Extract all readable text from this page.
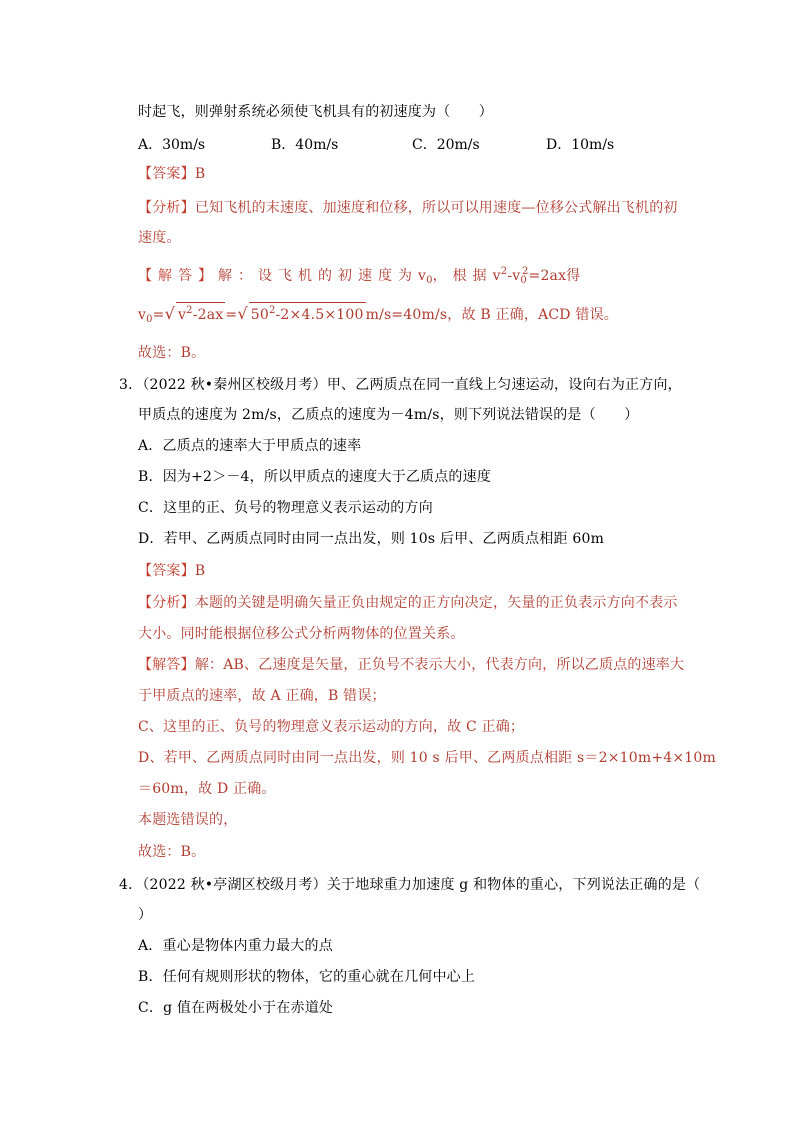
时起飞，则弹射系统必须使飞机具有的初速度为（　　）
A．30m/s	B．40m/s	C．20m/s	D．10m/s
【答案】B
【分析】已知飞机的末速度、加速度和位移，所以可以用速度—位移公式解出飞机的初
速度。
【解答】解：设飞机的初速度为$v_0$，根据$v^2-v_0^2=2ax$得
$v_0=√$ $v^2-2ax$ =√ $50^2-2\times 4.5\times 100$ m/s=40m/s，故 B 正确，ACD 错误。
故选：B。
3．（2022 秋•秦州区校级月考）甲、乙两质点在同一直线上匀速运动，设向右为正方向，
甲质点的速度为 2m/s，乙质点的速度为－4m/s，则下列说法错误的是（　　）
A．乙质点的速率大于甲质点的速率
B．因为+2＞－4，所以甲质点的速度大于乙质点的速度
C．这里的正、负号的物理意义表示运动的方向
D．若甲、乙两质点同时由同一点出发，则 10s 后甲、乙两质点相距 60m
【答案】B
【分析】本题的关键是明确矢量正负由规定的正方向决定，矢量的正负表示方向不表示
大小。同时能根据位移公式分析两物体的位置关系。
【解答】解：AB、乙速度是矢量，正负号不表示大小，代表方向，所以乙质点的速率大
于甲质点的速率，故 A 正确，B 错误；
C、这里的正、负号的物理意义表示运动的方向，故 C 正确；
D、若甲、乙两质点同时由同一点出发，则 10 s 后甲、乙两质点相距 s＝2×10m+4×10m
＝60m，故 D 正确。
本题选错误的，
故选：B。
4．（2022 秋•亭湖区校级月考）关于地球重力加速度 g 和物体的重心，下列说法正确的是（
）
A．重心是物体内重力最大的点
B．任何有规则形状的物体，它的重心就在几何中心上
C．g 值在两极处小于在赤道处
